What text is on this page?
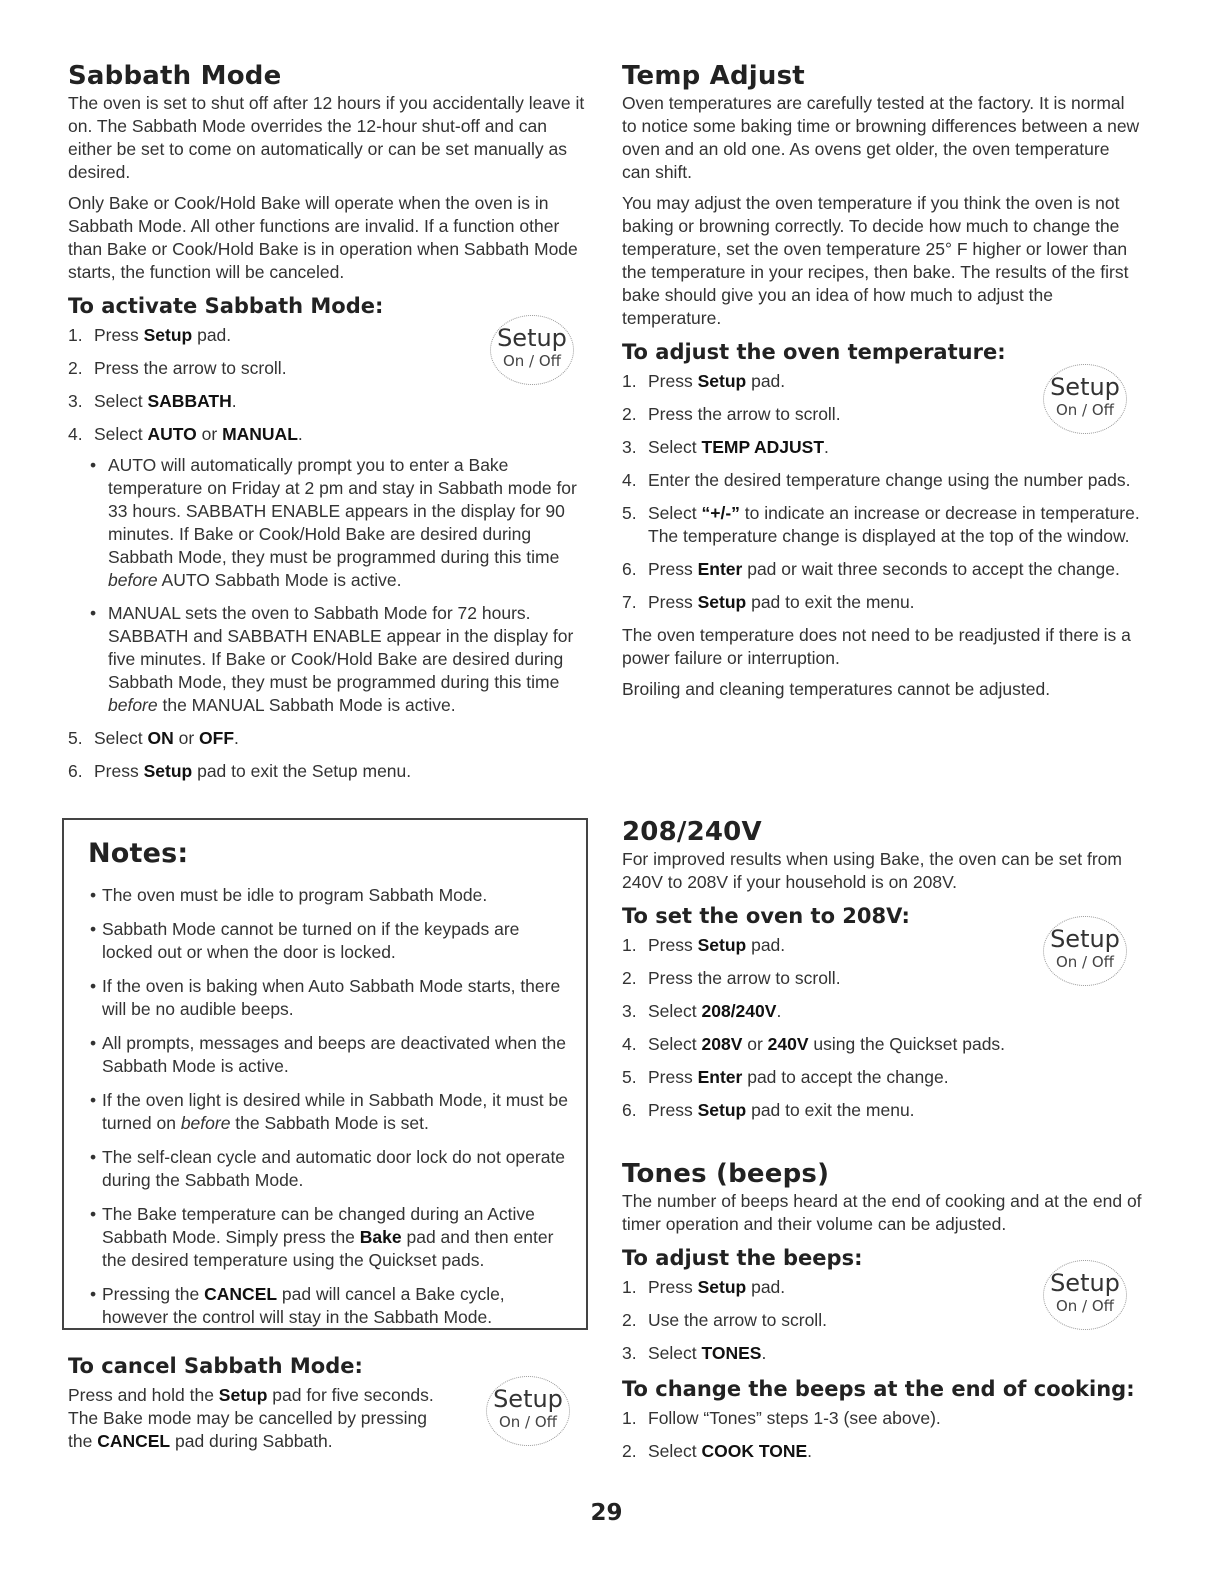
Sabbath Mode

The oven is set to shut off after 12 hours if you accidentally leave it on. The Sabbath Mode overrides the 12-hour shut-off and can either be set to come on automatically or can be set manually as desired.

Only Bake or Cook/Hold Bake will operate when the oven is in Sabbath Mode. All other functions are invalid. If a function other than Bake or Cook/Hold Bake is in operation when Sabbath Mode starts, the function will be canceled.

To activate Sabbath Mode:
1. Press Setup pad.
2. Press the arrow to scroll.
3. Select SABBATH.
4. Select AUTO or MANUAL.
• AUTO will automatically prompt you to enter a Bake temperature on Friday at 2 pm and stay in Sabbath mode for 33 hours. SABBATH ENABLE appears in the display for 90 minutes. If Bake or Cook/Hold Bake are desired during Sabbath Mode, they must be programmed during this time before AUTO Sabbath Mode is active.
• MANUAL sets the oven to Sabbath Mode for 72 hours. SABBATH and SABBATH ENABLE appear in the display for five minutes. If Bake or Cook/Hold Bake are desired during Sabbath Mode, they must be programmed during this time before the MANUAL Sabbath Mode is active.
5. Select ON or OFF.
6. Press Setup pad to exit the Setup menu.
Setup
On / Off
Notes:
• The oven must be idle to program Sabbath Mode.
• Sabbath Mode cannot be turned on if the keypads are locked out or when the door is locked.
• If the oven is baking when Auto Sabbath Mode starts, there will be no audible beeps.
• All prompts, messages and beeps are deactivated when the Sabbath Mode is active.
• If the oven light is desired while in Sabbath Mode, it must be turned on before the Sabbath Mode is set.
• The self-clean cycle and automatic door lock do not operate during the Sabbath Mode.
• The Bake temperature can be changed during an Active Sabbath Mode. Simply press the Bake pad and then enter the desired temperature using the Quickset pads.
• Pressing the CANCEL pad will cancel a Bake cycle, however the control will stay in the Sabbath Mode.
To cancel Sabbath Mode:

Press and hold the Setup pad for five seconds.

The Bake mode may be cancelled by pressing

the CANCEL pad during Sabbath.

Setup
On / Off
Temp Adjust

Oven temperatures are carefully tested at the factory. It is normal to notice some baking time or browning differences between a new oven and an old one. As ovens get older, the oven temperature can shift.

You may adjust the oven temperature if you think the oven is not baking or browning correctly. To decide how much to change the temperature, set the oven temperature 25° F higher or lower than the temperature in your recipes, then bake. The results of the first bake should give you an idea of how much to adjust the temperature.

To adjust the oven temperature:
1. Press Setup pad.
2. Press the arrow to scroll.
3. Select TEMP ADJUST.
4. Enter the desired temperature change using the number pads.
5. Select “+/-” to indicate an increase or decrease in temperature. The temperature change is displayed at the top of the window.
6. Press Enter pad or wait three seconds to accept the change.
7. Press Setup pad to exit the menu.

The oven temperature does not need to be readjusted if there is a power failure or interruption.

Broiling and cleaning temperatures cannot be adjusted.

Setup
On / Off
208/240V

For improved results when using Bake, the oven can be set from 240V to 208V if your household is on 208V.

To set the oven to 208V:
1. Press Setup pad.
2. Press the arrow to scroll.
3. Select 208/240V.
4. Select 208V or 240V using the Quickset pads.
5. Press Enter pad to accept the change.
6. Press Setup pad to exit the menu.
Setup
On / Off
Tones (beeps)

The number of beeps heard at the end of cooking and at the end of timer operation and their volume can be adjusted.

To adjust the beeps:
1. Press Setup pad.
2. Use the arrow to scroll.
3. Select TONES.
To change the beeps at the end of cooking:
1. Follow “Tones” steps 1-3 (see above).
2. Select COOK TONE.
Setup
On / Off
29
